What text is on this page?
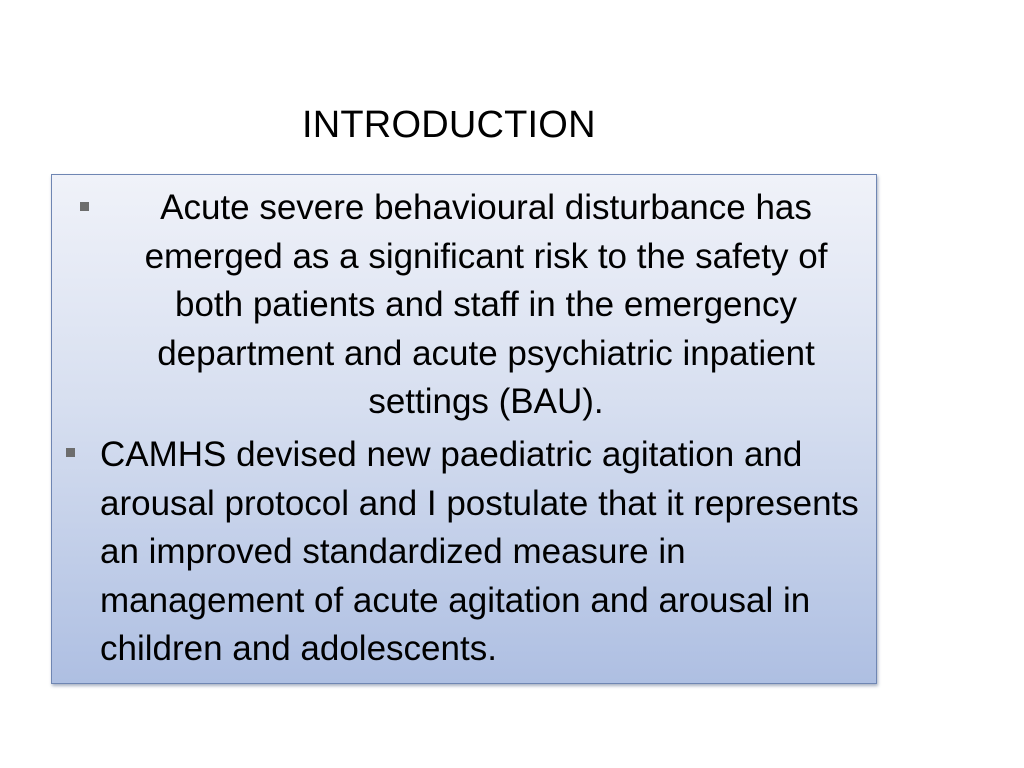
INTRODUCTION
Acute severe behavioural disturbance has emerged as a significant risk to the safety of both patients and staff in the emergency department and acute psychiatric inpatient settings (BAU).
CAMHS devised new paediatric agitation and arousal protocol and I postulate that it represents an improved standardized measure in management of acute agitation and arousal in children and adolescents.
